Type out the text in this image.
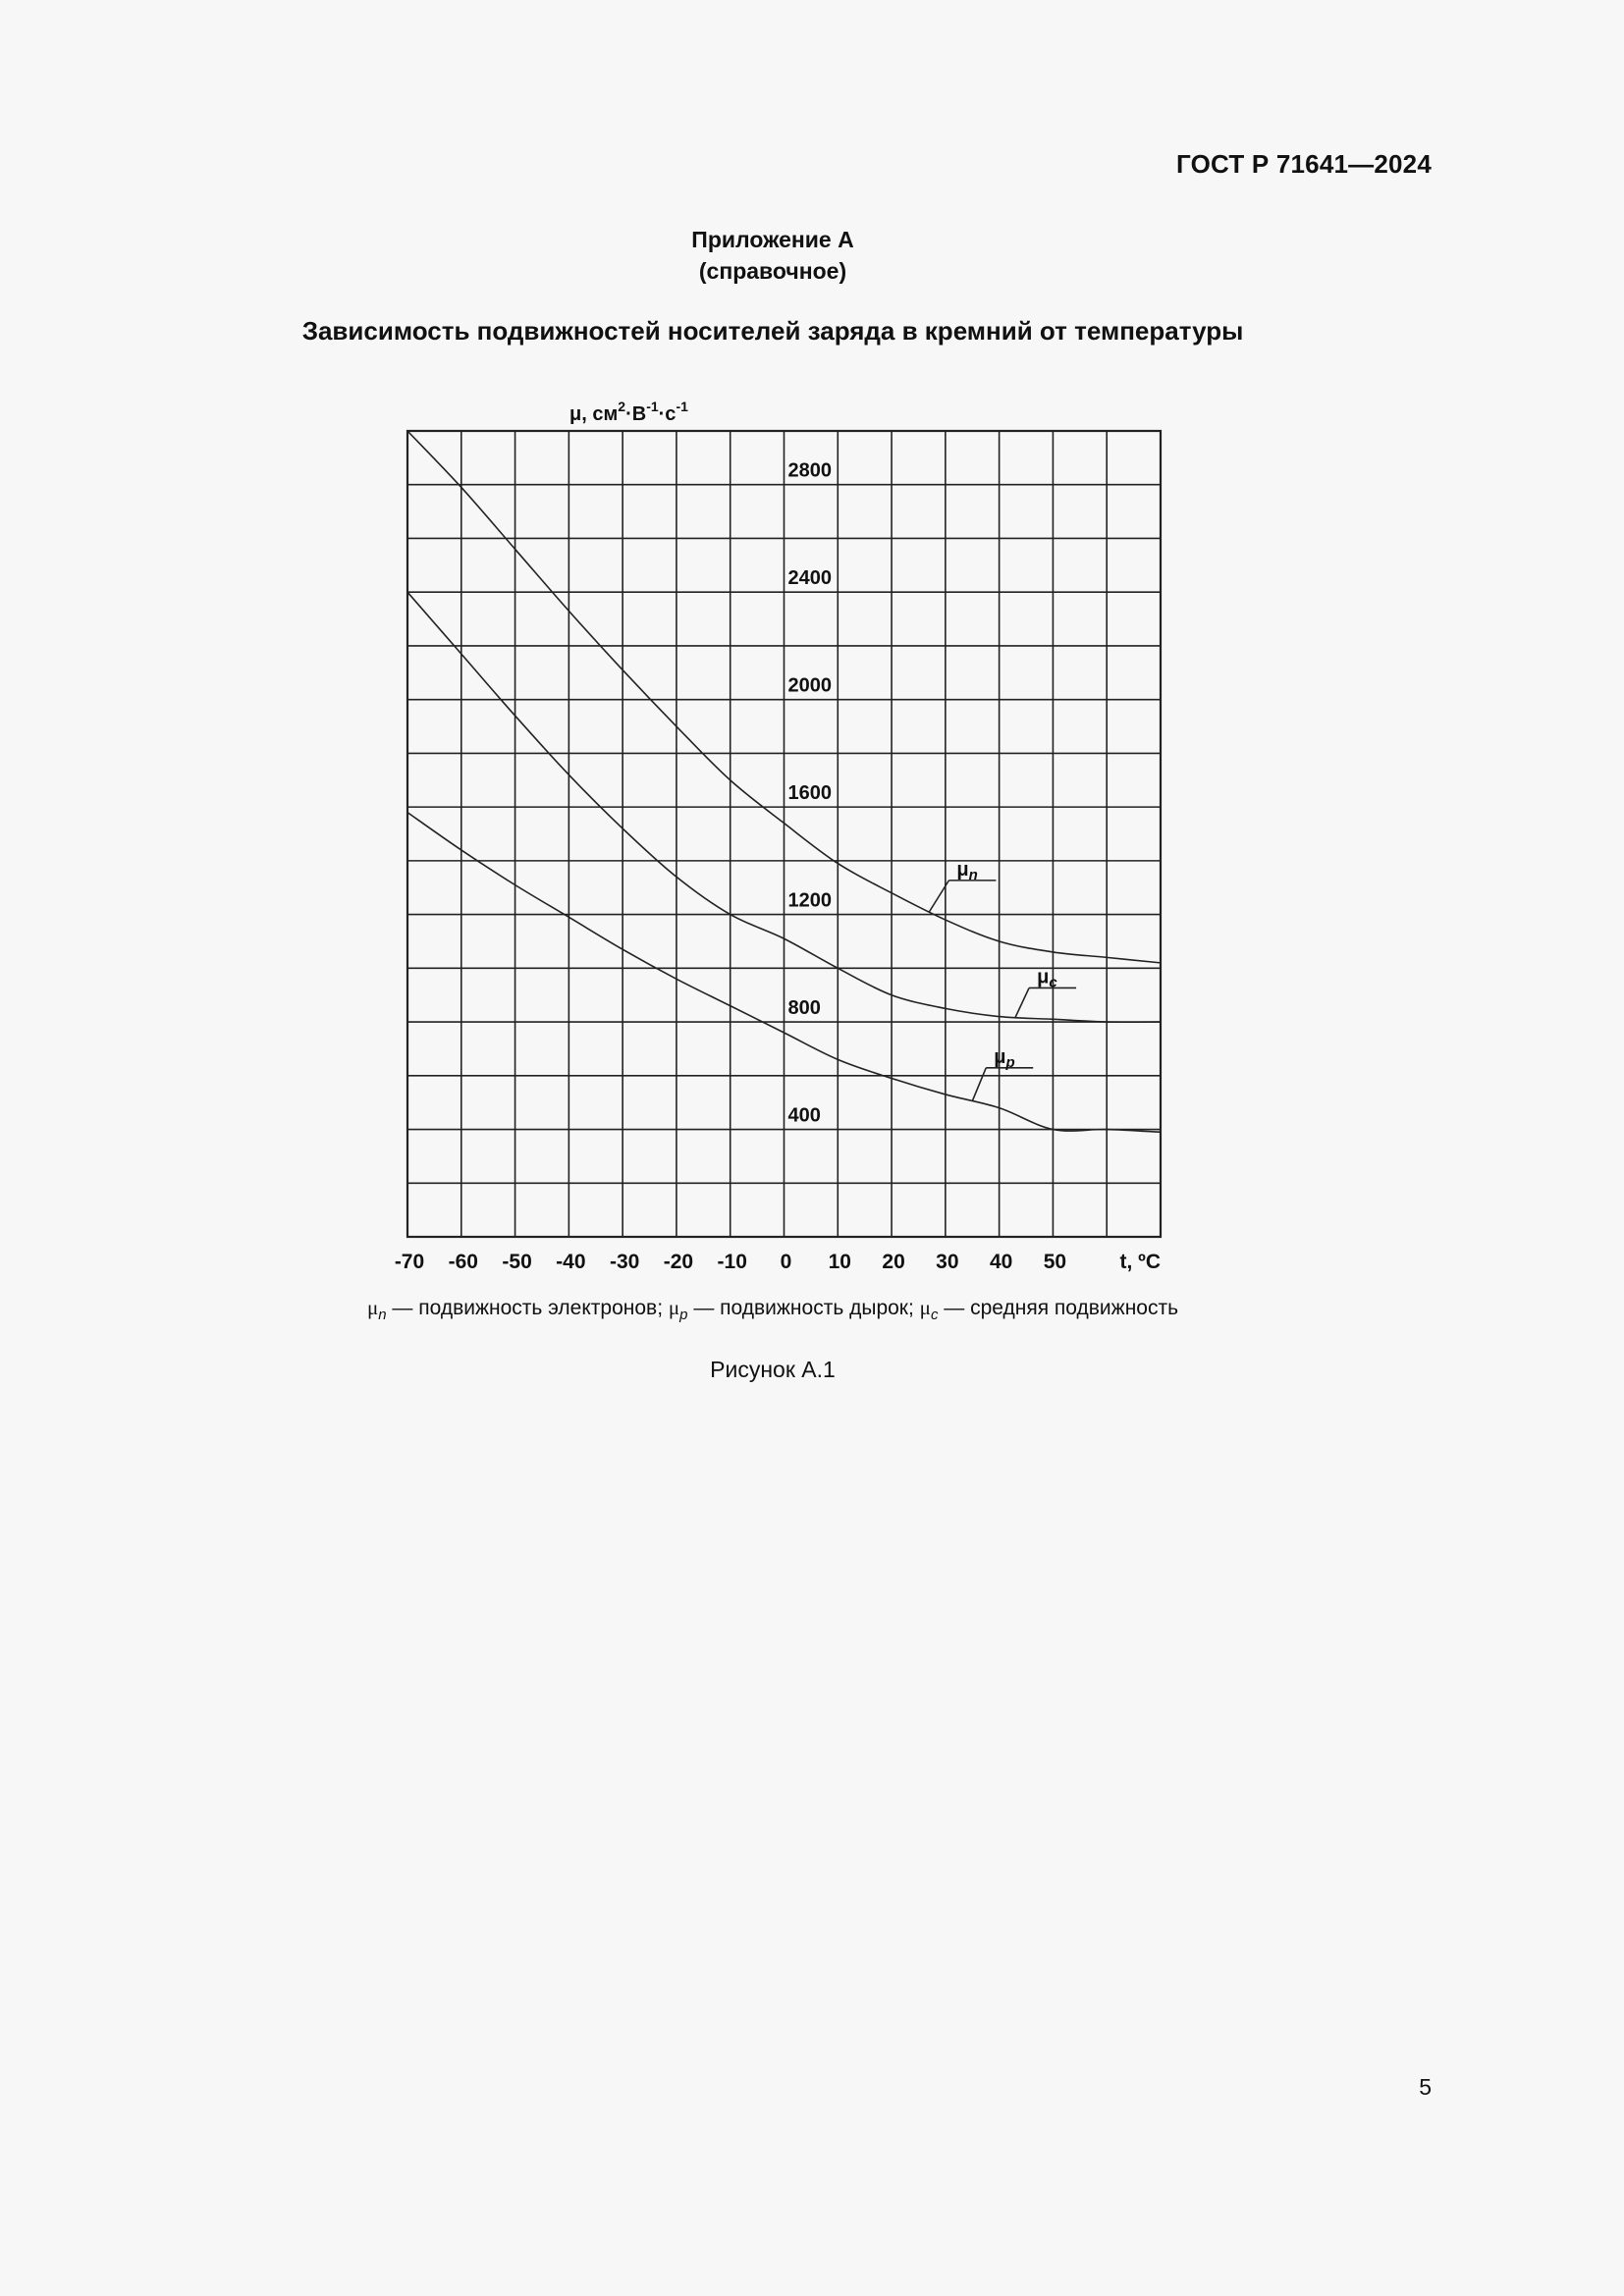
ГОСТ Р 71641—2024
Приложение А
(справочное)
Зависимость подвижностей носителей заряда в кремний от температуры
2800
2400
2000
1600
1200
800
400
-70 -60 -50 -40 -30 -20 -10 0 10 20 30 40 50
$\mu_n$
$\mu_c$
$\mu_p$
μ, $см^2\cdot В^{-1}\cdot с^{-1}$
t, ºC
$\mu_n$ — подвижность электронов; $\mu_p$ — подвижность дырок; $\mu_c$ — средняя подвижность
Рисунок А.1
5
